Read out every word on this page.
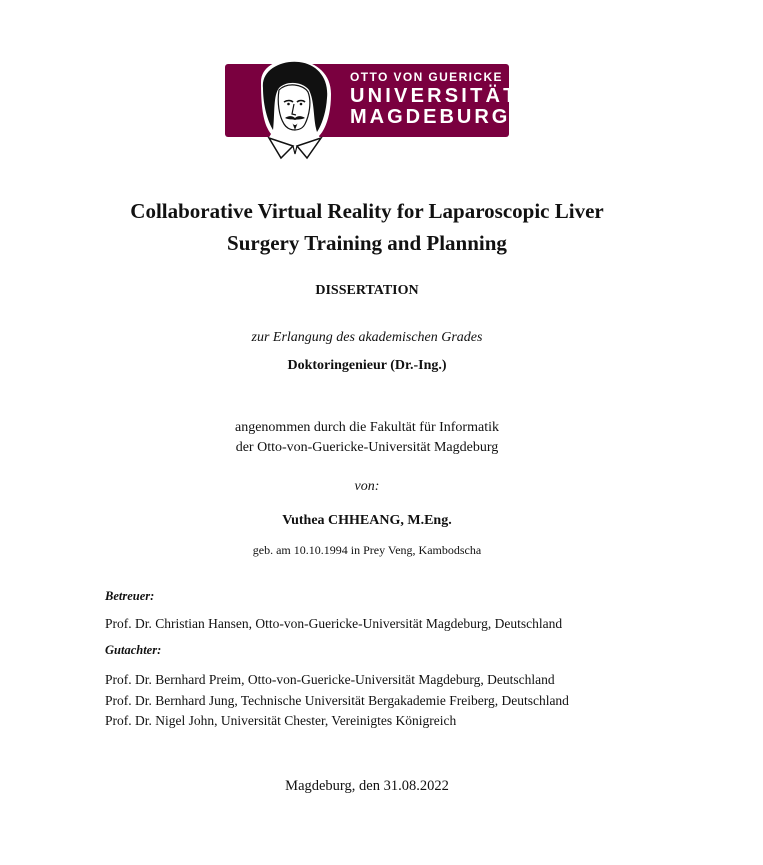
OTTO VON GUERICKE
UNIVERSITÄT
MAGDEBURG
Collaborative Virtual Reality for Laparoscopic Liver
Surgery Training and Planning
DISSERTATION
zur Erlangung des akademischen Grades
Doktoringenieur (Dr.-Ing.)
angenommen durch die Fakultät für Informatik
der Otto-von-Guericke-Universität Magdeburg
von:
Vuthea CHHEANG, M.Eng.
geb. am 10.10.1994 in Prey Veng, Kambodscha
Betreuer:
Prof. Dr. Christian Hansen, Otto-von-Guericke-Universität Magdeburg, Deutschland
Gutachter:
Prof. Dr. Bernhard Preim, Otto-von-Guericke-Universität Magdeburg, Deutschland
Prof. Dr. Bernhard Jung, Technische Universität Bergakademie Freiberg, Deutschland
Prof. Dr. Nigel John, Universität Chester, Vereinigtes Königreich
Magdeburg, den 31.08.2022
